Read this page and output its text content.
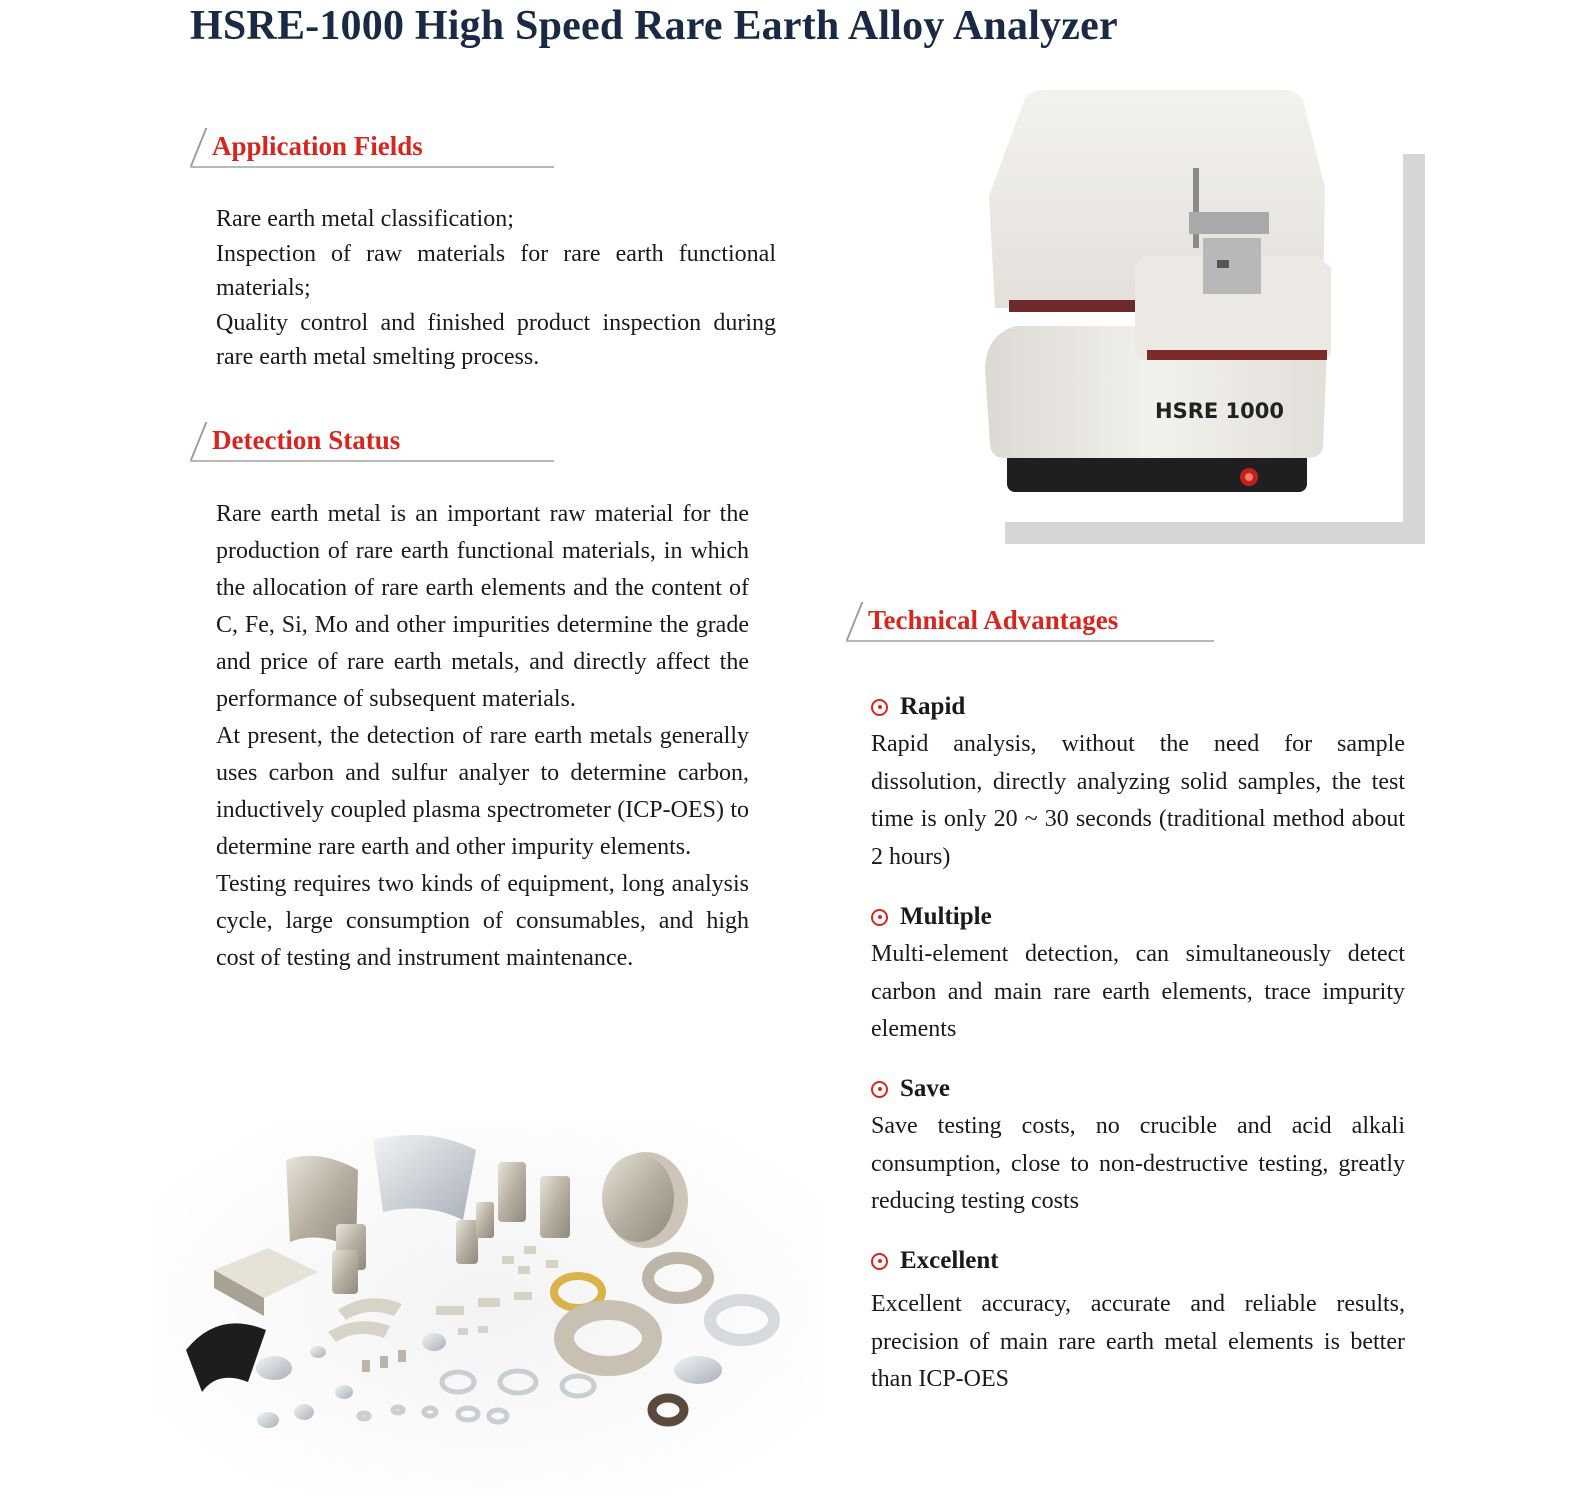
HSRE-1000 High Speed Rare Earth Alloy Analyzer
Application Fields

Rare earth metal classification;

Inspection of raw materials for rare earth functional materials;

Quality control and finished product inspection during rare earth metal smelting process.

Detection Status

Rare earth metal is an important raw material for the production of rare earth functional materials, in which the allocation of rare earth elements and the content of C, Fe, Si, Mo and other impurities determine the grade and price of rare earth metals, and directly affect the performance of subsequent materials.

At present, the detection of rare earth metals generally uses carbon and sulfur analyer to determine carbon, inductively coupled plasma spectrometer (ICP-OES) to determine rare earth and other impurity elements.

Testing requires two kinds of equipment, long analysis cycle, large consumption of consumables, and high cost of testing and instrument maintenance.

HSRE 1000
Technical Advantages
Rapid
Rapid analysis, without the need for sample dissolution, directly analyzing solid samples, the test time is only 20 ~ 30 seconds (traditional method about 2 hours)
Multiple
Multi-element detection, can simultaneously detect carbon and main rare earth elements, trace impurity elements
Save
Save testing costs, no crucible and acid alkali consumption, close to non-destructive testing, greatly reducing testing costs
Excellent
Excellent accuracy, accurate and reliable results, precision of main rare earth metal elements is better than ICP-OES
